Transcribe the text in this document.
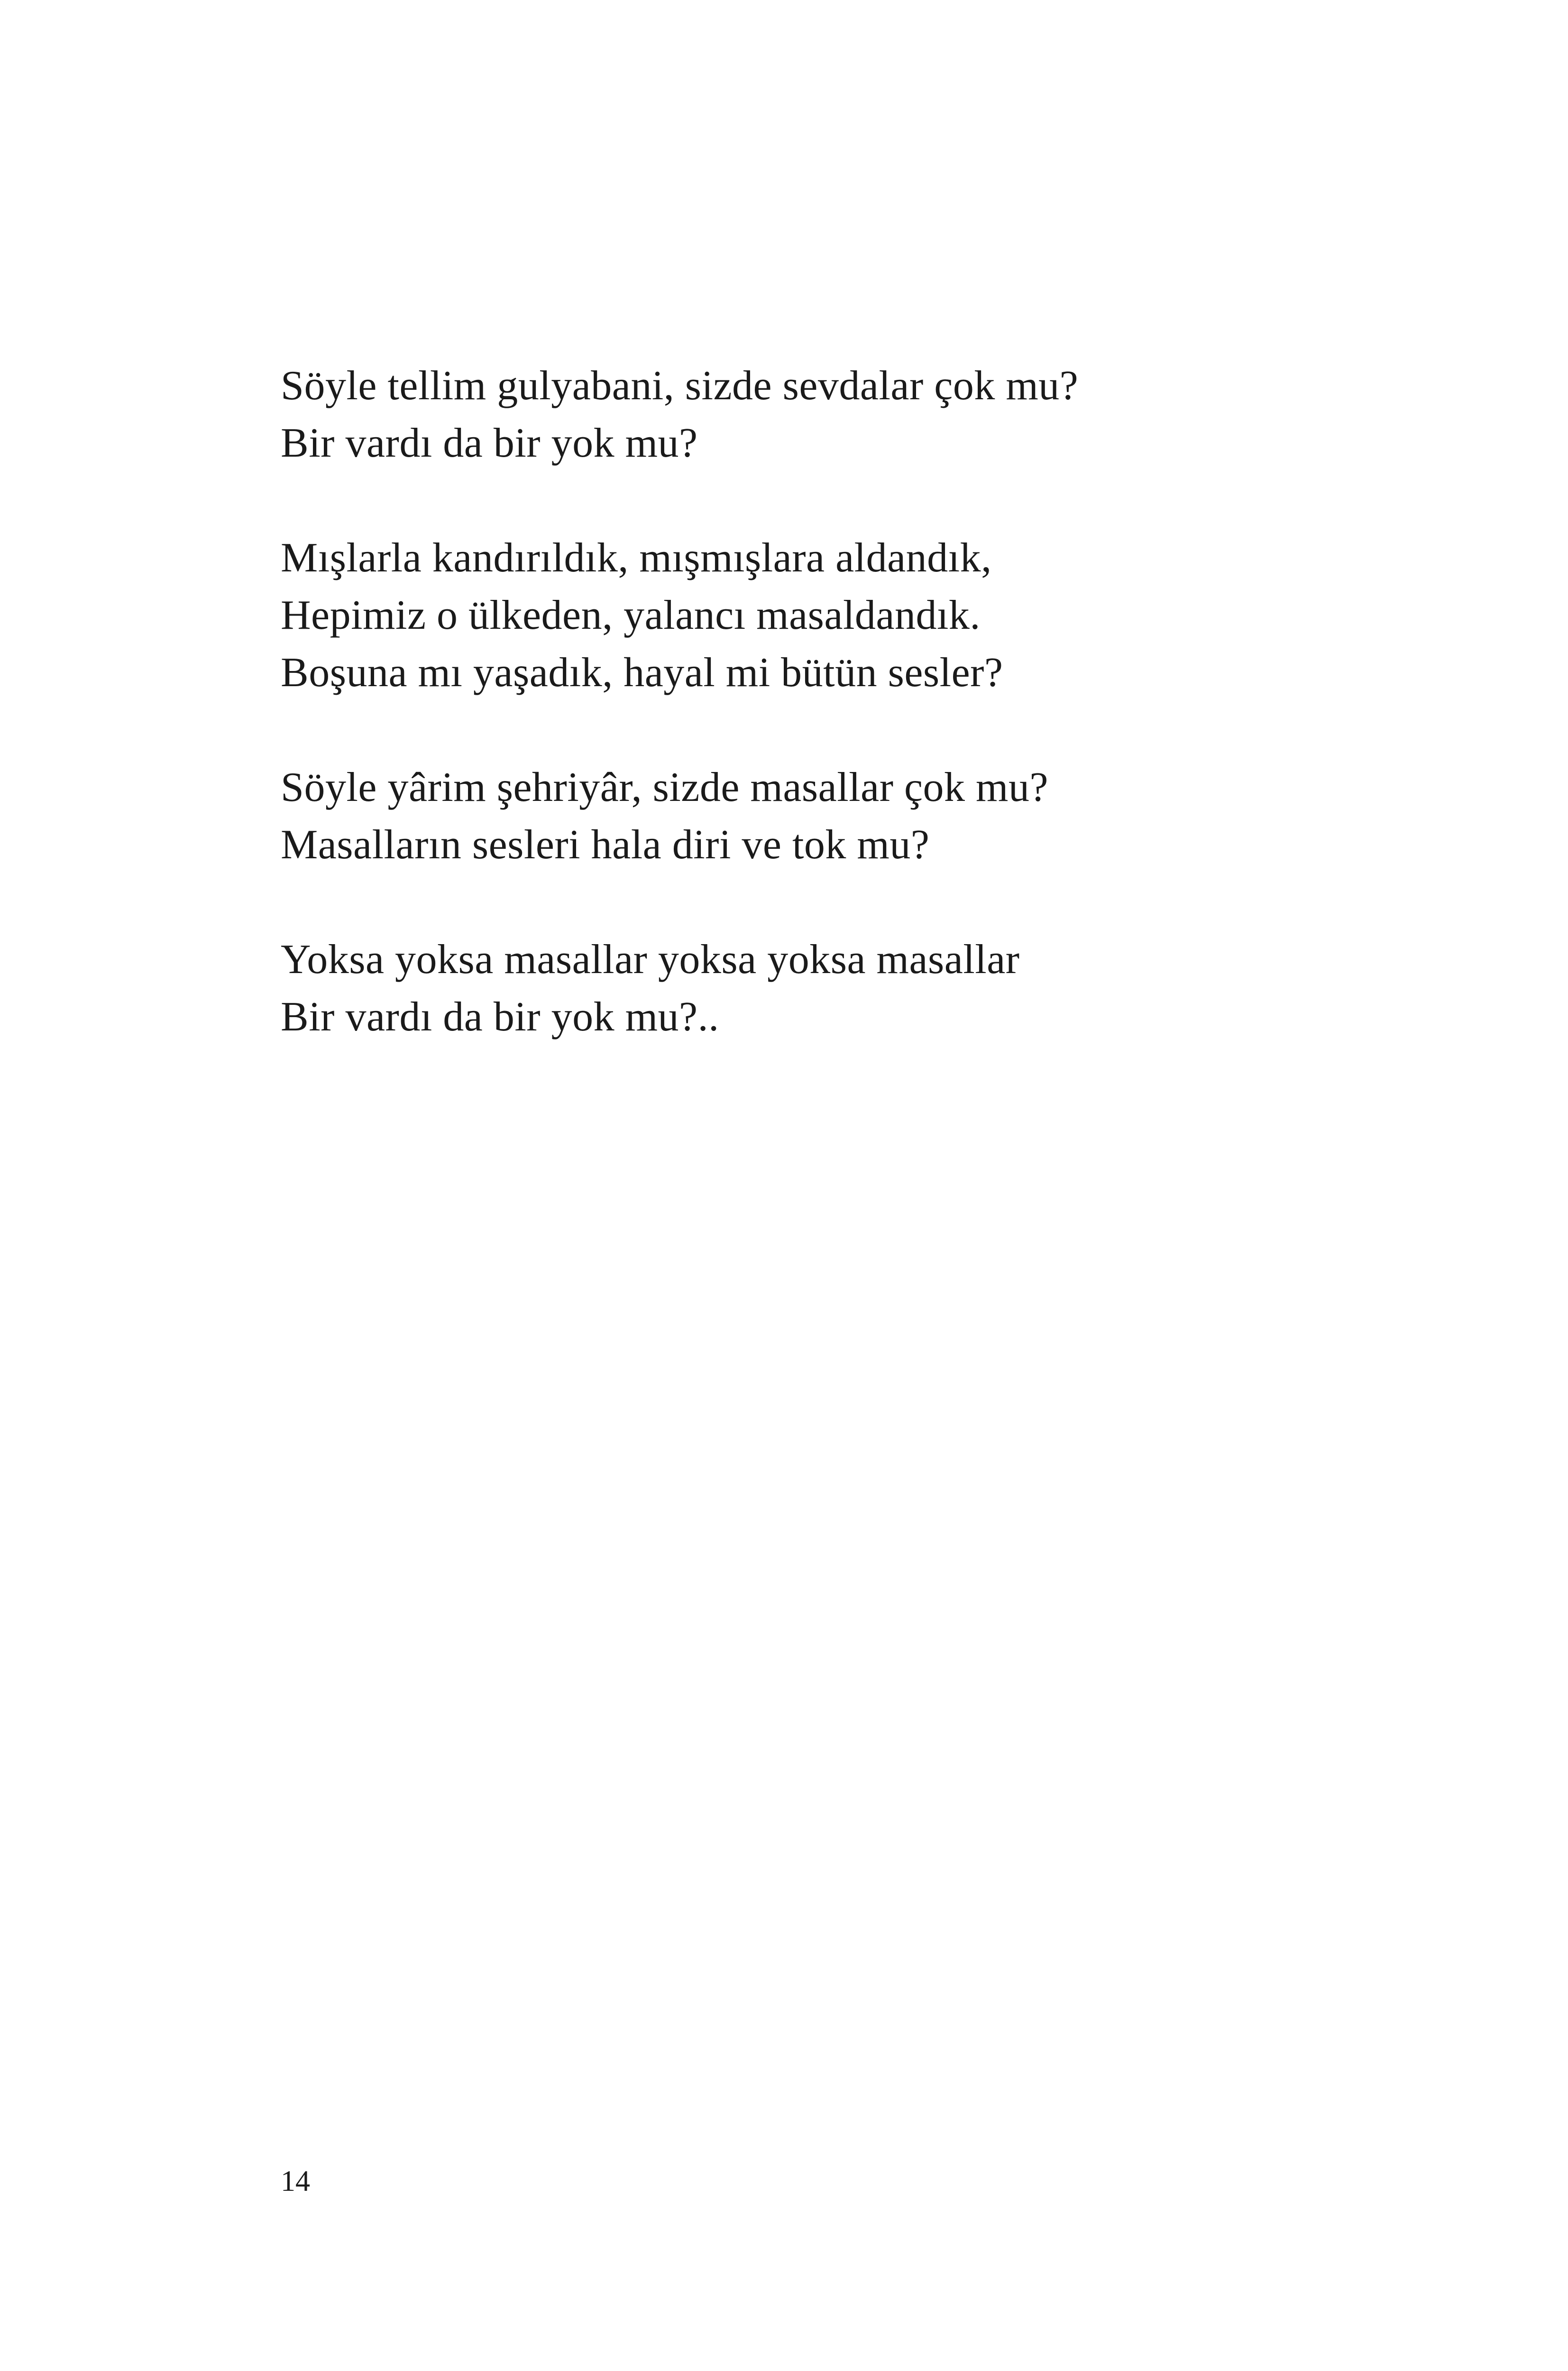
Söyle tellim gulyabani, sizde sevdalar çok mu?
Bir vardı da bir yok mu?
Mışlarla kandırıldık, mışmışlara aldandık,
Hepimiz o ülkeden, yalancı masaldandık.
Boşuna mı yaşadık, hayal mi bütün sesler?
Söyle yârim şehriyâr, sizde masallar çok mu?
Masalların sesleri hala diri ve tok mu?
Yoksa yoksa masallar yoksa yoksa masallar
Bir vardı da bir yok mu?..
14
